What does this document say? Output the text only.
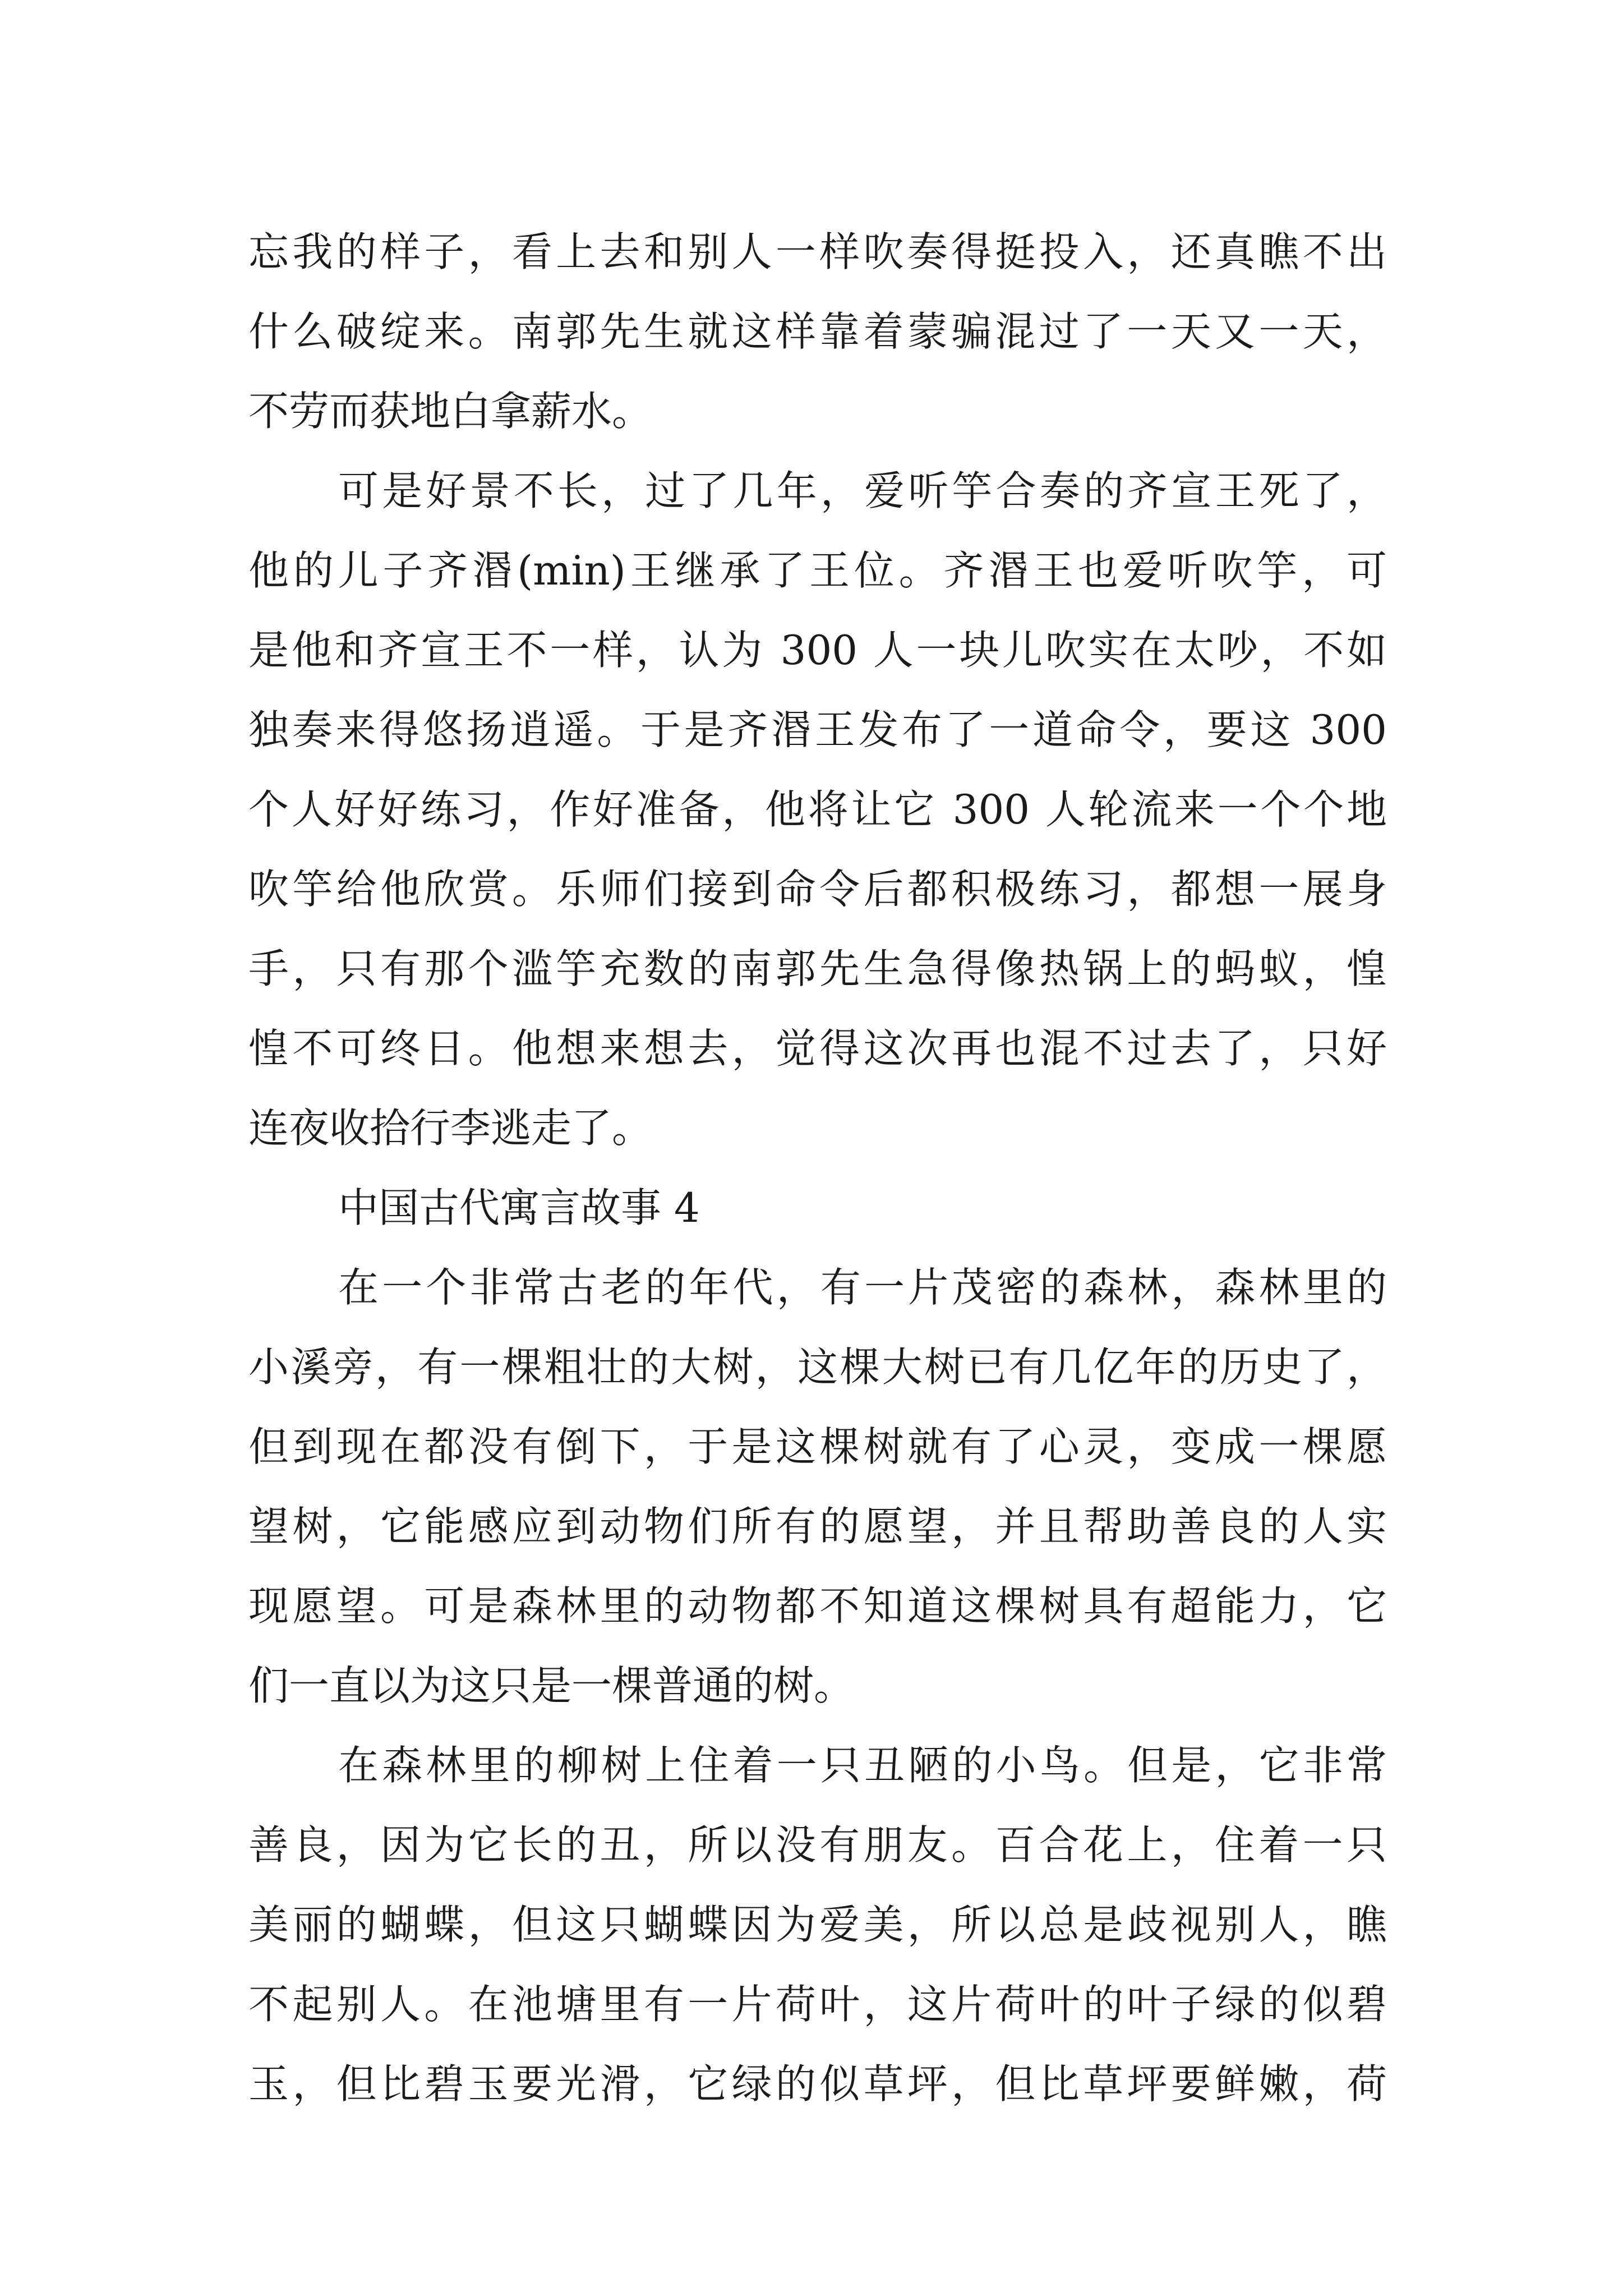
忘我的样子，看上去和别人一样吹奏得挺投入，还真瞧不出
什么破绽来。南郭先生就这样靠着蒙骗混过了一天又一天，
不劳而获地白拿薪水。
可是好景不长，过了几年，爱听竽合奏的齐宣王死了，
他的儿子齐湣(min)王继承了王位。齐湣王也爱听吹竽，可
是他和齐宣王不一样，认为 300 人一块儿吹实在太吵，不如
独奏来得悠扬逍遥。于是齐湣王发布了一道命令，要这 300
个人好好练习，作好准备，他将让它 300 人轮流来一个个地
吹竽给他欣赏。乐师们接到命令后都积极练习，都想一展身
手，只有那个滥竽充数的南郭先生急得像热锅上的蚂蚁，惶
惶不可终日。他想来想去，觉得这次再也混不过去了，只好
连夜收拾行李逃走了。
中国古代寓言故事 4
在一个非常古老的年代，有一片茂密的森林，森林里的
小溪旁，有一棵粗壮的大树，这棵大树已有几亿年的历史了，
但到现在都没有倒下，于是这棵树就有了心灵，变成一棵愿
望树，它能感应到动物们所有的愿望，并且帮助善良的人实
现愿望。可是森林里的动物都不知道这棵树具有超能力，它
们一直以为这只是一棵普通的树。
在森林里的柳树上住着一只丑陋的小鸟。但是，它非常
善良，因为它长的丑，所以没有朋友。百合花上，住着一只
美丽的蝴蝶，但这只蝴蝶因为爱美，所以总是歧视别人，瞧
不起别人。在池塘里有一片荷叶，这片荷叶的叶子绿的似碧
玉，但比碧玉要光滑，它绿的似草坪，但比草坪要鲜嫩，荷
